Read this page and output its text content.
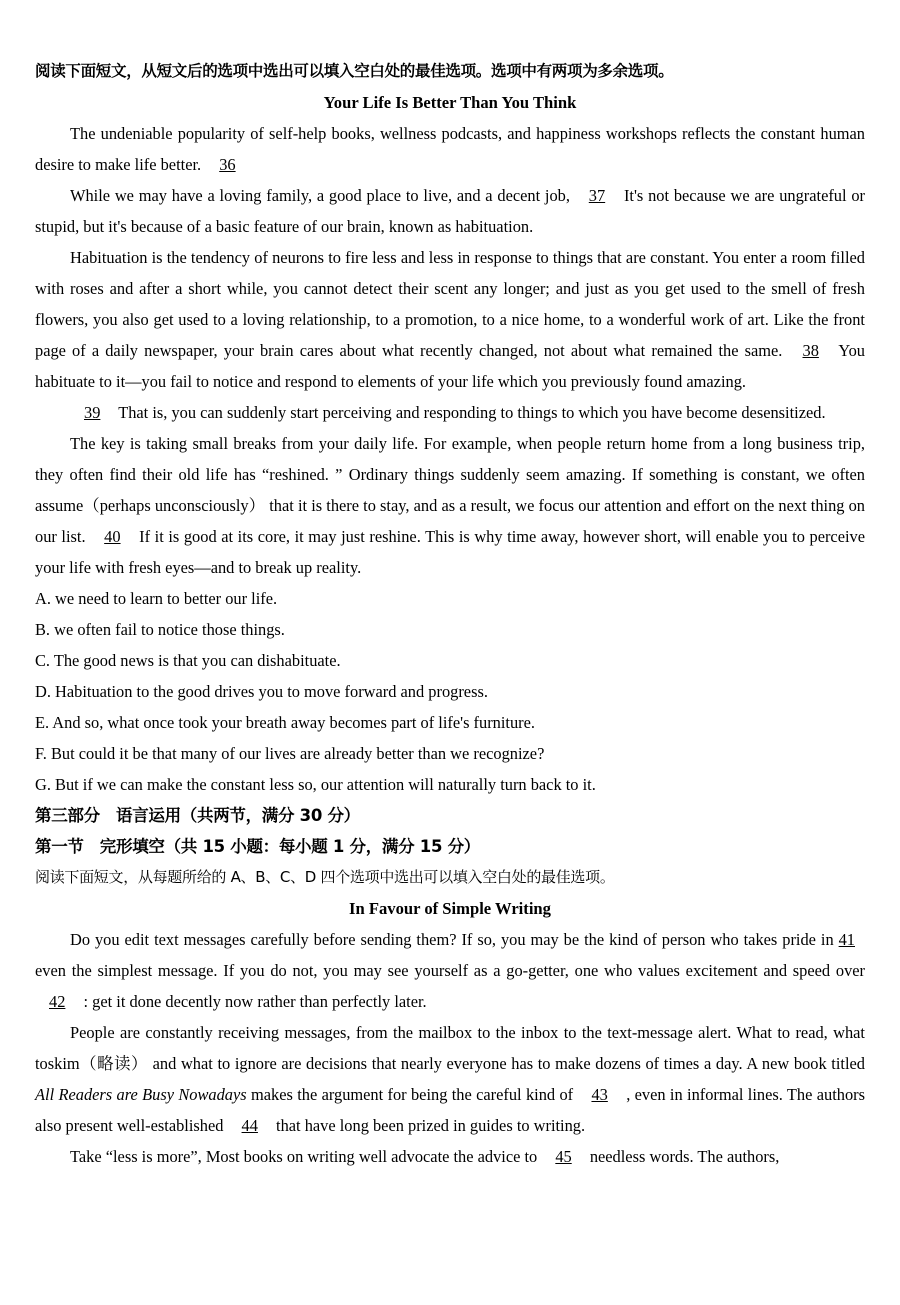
阅读下面短文，从短文后的选项中选出可以填入空白处的最佳选项。选项中有两项为多余选项。
Your Life Is Better Than You Think

The undeniable popularity of self-help books, wellness podcasts, and happiness workshops reflects the constant human desire to make life better. 36

While we may have a loving family, a good place to live, and a decent job, 37 It's not because we are ungrateful or stupid, but it's because of a basic feature of our brain, known as habituation.

Habituation is the tendency of neurons to fire less and less in response to things that are constant. You enter a room filled with roses and after a short while, you cannot detect their scent any longer; and just as you get used to the smell of fresh flowers, you also get used to a loving relationship, to a promotion, to a nice home, to a wonderful work of art. Like the front page of a daily newspaper, your brain cares about what recently changed, not about what remained the same. 38 You habituate to it—you fail to notice and respond to elements of your life which you previously found amazing.

39 That is, you can suddenly start perceiving and responding to things to which you have become desensitized.

The key is taking small breaks from your daily life. For example, when people return home from a long business trip, they often find their old life has “reshined. ” Ordinary things suddenly seem amazing. If something is constant, we often assume（perhaps unconsciously） that it is there to stay, and as a result, we focus our attention and effort on the next thing on our list. 40 If it is good at its core, it may just reshine. This is why time away, however short, will enable you to perceive your life with fresh eyes—and to break up reality.

A. we need to learn to better our life.

B. we often fail to notice those things.

C. The good news is that you can dishabituate.

D. Habituation to the good drives you to move forward and progress.

E. And so, what once took your breath away becomes part of life's furniture.

F. But could it be that many of our lives are already better than we recognize?

G. But if we can make the constant less so, our attention will naturally turn back to it.

第三部分　语言运用（共两节，满分 30 分）
第一节　完形填空（共 15 小题：每小题 1 分，满分 15 分）
阅读下面短文，从每题所给的 A、B、C、D 四个选项中选出可以填入空白处的最佳选项。
In Favour of Simple Writing

Do you edit text messages carefully before sending them? If so, you may be the kind of person who takes pride in 41 even the simplest message. If you do not, you may see yourself as a go-getter, one who values excitement and speed over 42 : get it done decently now rather than perfectly later.

People are constantly receiving messages, from the mailbox to the inbox to the text-message alert. What to read, what toskim（略读） and what to ignore are decisions that nearly everyone has to make dozens of times a day. A new book titled All Readers are Busy Nowadays makes the argument for being the careful kind of 43 , even in informal lines. The authors also present well-established 44 that have long been prized in guides to writing.

Take “less is more”, Most books on writing well advocate the advice to 45 needless words. The authors,
